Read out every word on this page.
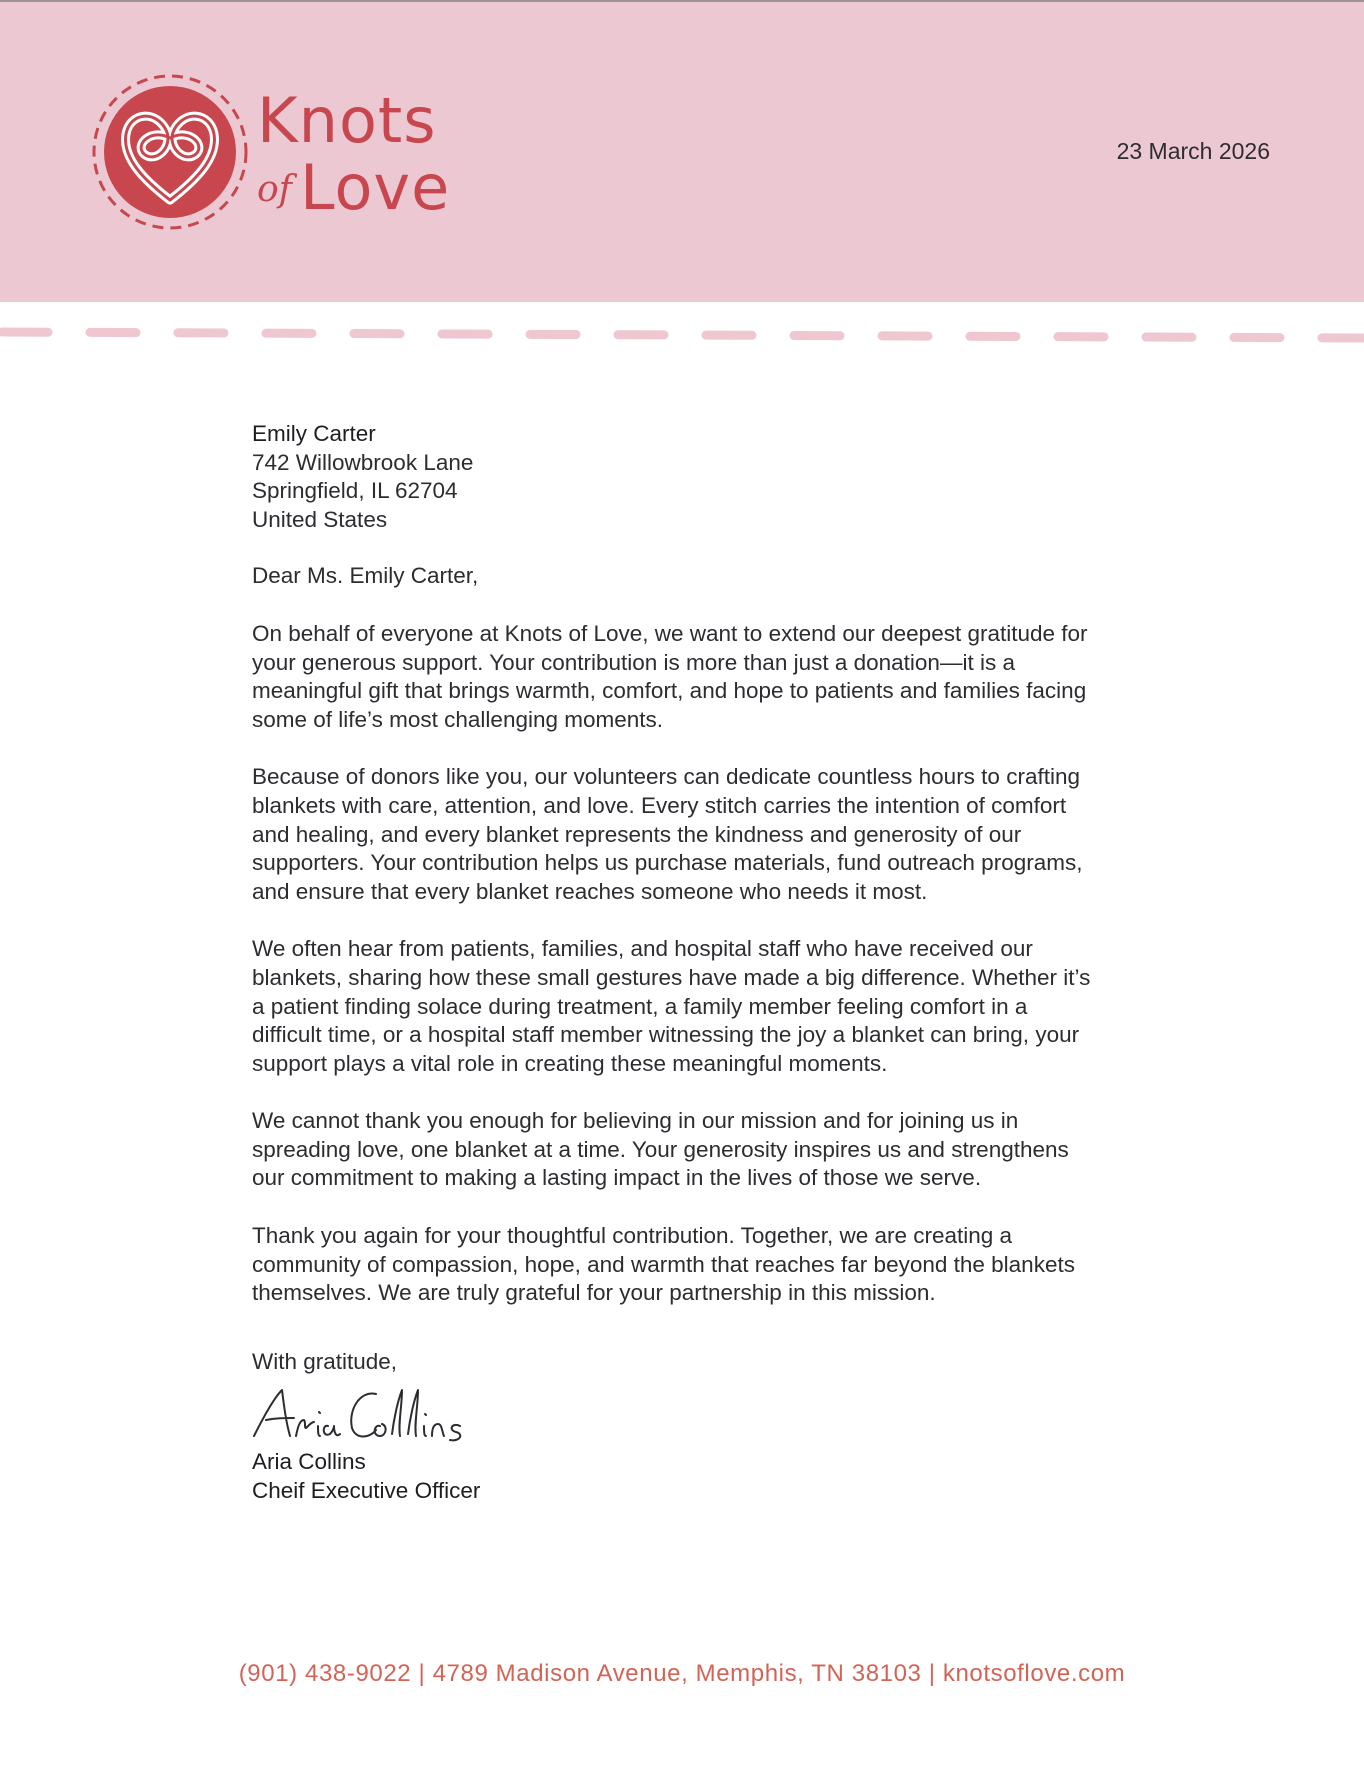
Knots
of Love	23 March 2026
Emily Carter
742 Willowbrook Lane
Springfield, IL 62704
United States
Dear Ms. Emily Carter,

On behalf of everyone at Knots of Love, we want to extend our deepest gratitude for your generous support. Your contribution is more than just a donation—it is a meaningful gift that brings warmth, comfort, and hope to patients and families facing some of life’s most challenging moments.

Because of donors like you, our volunteers can dedicate countless hours to crafting blankets with care, attention, and love. Every stitch carries the intention of comfort and healing, and every blanket represents the kindness and generosity of our supporters. Your contribution helps us purchase materials, fund outreach programs, and ensure that every blanket reaches someone who needs it most.

We often hear from patients, families, and hospital staff who have received our blankets, sharing how these small gestures have made a big difference. Whether it’s a patient finding solace during treatment, a family member feeling comfort in a difficult time, or a hospital staff member witnessing the joy a blanket can bring, your support plays a vital role in creating these meaningful moments.

We cannot thank you enough for believing in our mission and for joining us in spreading love, one blanket at a time. Your generosity inspires us and strengthens our commitment to making a lasting impact in the lives of those we serve.

Thank you again for your thoughtful contribution. Together, we are creating a community of compassion, hope, and warmth that reaches far beyond the blankets themselves. We are truly grateful for your partnership in this mission.

With gratitude,
Aria Collins
Cheif Executive Officer
(901) 438-9022 | 4789 Madison Avenue, Memphis, TN 38103 | knotsoflove.com
